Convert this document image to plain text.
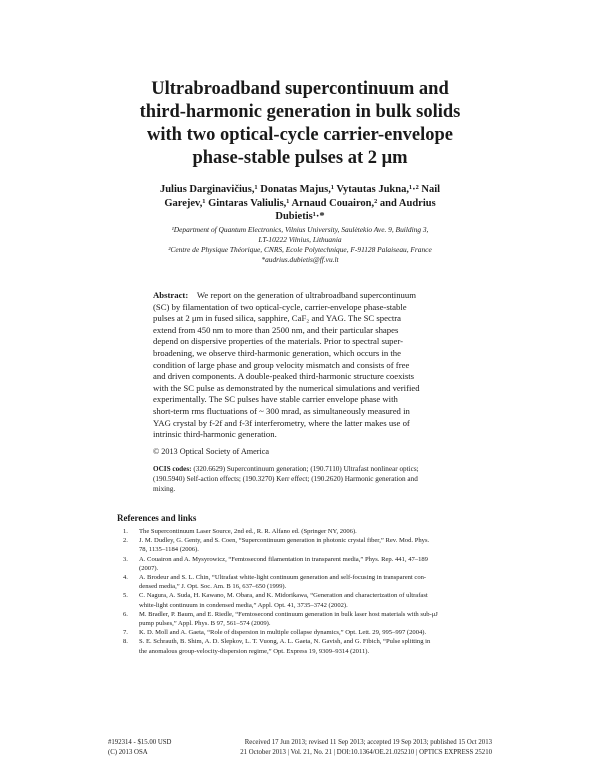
Ultrabroadband supercontinuum and
third-harmonic generation in bulk solids
with two optical-cycle carrier-envelope
phase-stable pulses at 2 μm
Julius Darginavičius,¹ Donatas Majus,¹ Vytautas Jukna,¹·² Nail
Garejev,¹ Gintaras Valiulis,¹ Arnaud Couairon,² and Audrius
Dubietis¹·*
¹Department of Quantum Electronics, Vilnius University, Saulėtekio Ave. 9, Building 3,
LT-10222 Vilnius, Lithuania
²Centre de Physique Théorique, CNRS, Ecole Polytechnique, F-91128 Palaiseau, France
*audrius.dubietis@ff.vu.lt
Abstract: We report on the generation of ultrabroadband supercontinuum
(SC) by filamentation of two optical-cycle, carrier-envelope phase-stable
pulses at 2 μm in fused silica, sapphire, CaF₂ and YAG. The SC spectra
extend from 450 nm to more than 2500 nm, and their particular shapes
depend on dispersive properties of the materials. Prior to spectral super-
broadening, we observe third-harmonic generation, which occurs in the
condition of large phase and group velocity mismatch and consists of free
and driven components. A double-peaked third-harmonic structure coexists
with the SC pulse as demonstrated by the numerical simulations and verified
experimentally. The SC pulses have stable carrier envelope phase with
short-term rms fluctuations of ~ 300 mrad, as simultaneously measured in
YAG crystal by f-2f and f-3f interferometry, where the latter makes use of
intrinsic third-harmonic generation.
© 2013 Optical Society of America
OCIS codes: (320.6629) Supercontinuum generation; (190.7110) Ultrafast nonlinear optics;
(190.5940) Self-action effects; (190.3270) Kerr effect; (190.2620) Harmonic generation and
mixing.
References and links
1. The Supercontinuum Laser Source, 2nd ed., R. R. Alfano ed. (Springer NY, 2006).
2. J. M. Dudley, G. Genty, and S. Coen, “Supercontinuum generation in photonic crystal fiber,” Rev. Mod. Phys.
78, 1135–1184 (2006).
3. A. Couairon and A. Mysyrowicz, “Femtosecond filamentation in transparent media,” Phys. Rep. 441, 47–189
(2007).
4. A. Brodeur and S. L. Chin, “Ultrafast white-light continuum generation and self-focusing in transparent con-
densed media,” J. Opt. Soc. Am. B 16, 637–650 (1999).
5. C. Nagura, A. Suda, H. Kawano, M. Obara, and K. Midorikawa, “Generation and characterization of ultrafast
white-light continuum in condensed media,” Appl. Opt. 41, 3735–3742 (2002).
6. M. Bradler, P. Baum, and E. Riedle, “Femtosecond continuum generation in bulk laser host materials with sub-μJ
pump pulses,” Appl. Phys. B 97, 561–574 (2009).
7. K. D. Moll and A. Gaeta, “Role of dispersion in multiple collapse dynamics,” Opt. Lett. 29, 995–997 (2004).
8. S. E. Schrauth, B. Shim, A. D. Slepkov, L. T. Vuong, A. L. Gaeta, N. Gavish, and G. Fibich, “Pulse splitting in
the anomalous group-velocity-dispersion regime,” Opt. Express 19, 9309–9314 (2011).
#192314 - $15.00 USD	Received 17 Jun 2013; revised 11 Sep 2013; accepted 19 Sep 2013; published 15 Oct 2013
(C) 2013 OSA	21 October 2013 | Vol. 21, No. 21 | DOI:10.1364/OE.21.025210 | OPTICS EXPRESS 25210
